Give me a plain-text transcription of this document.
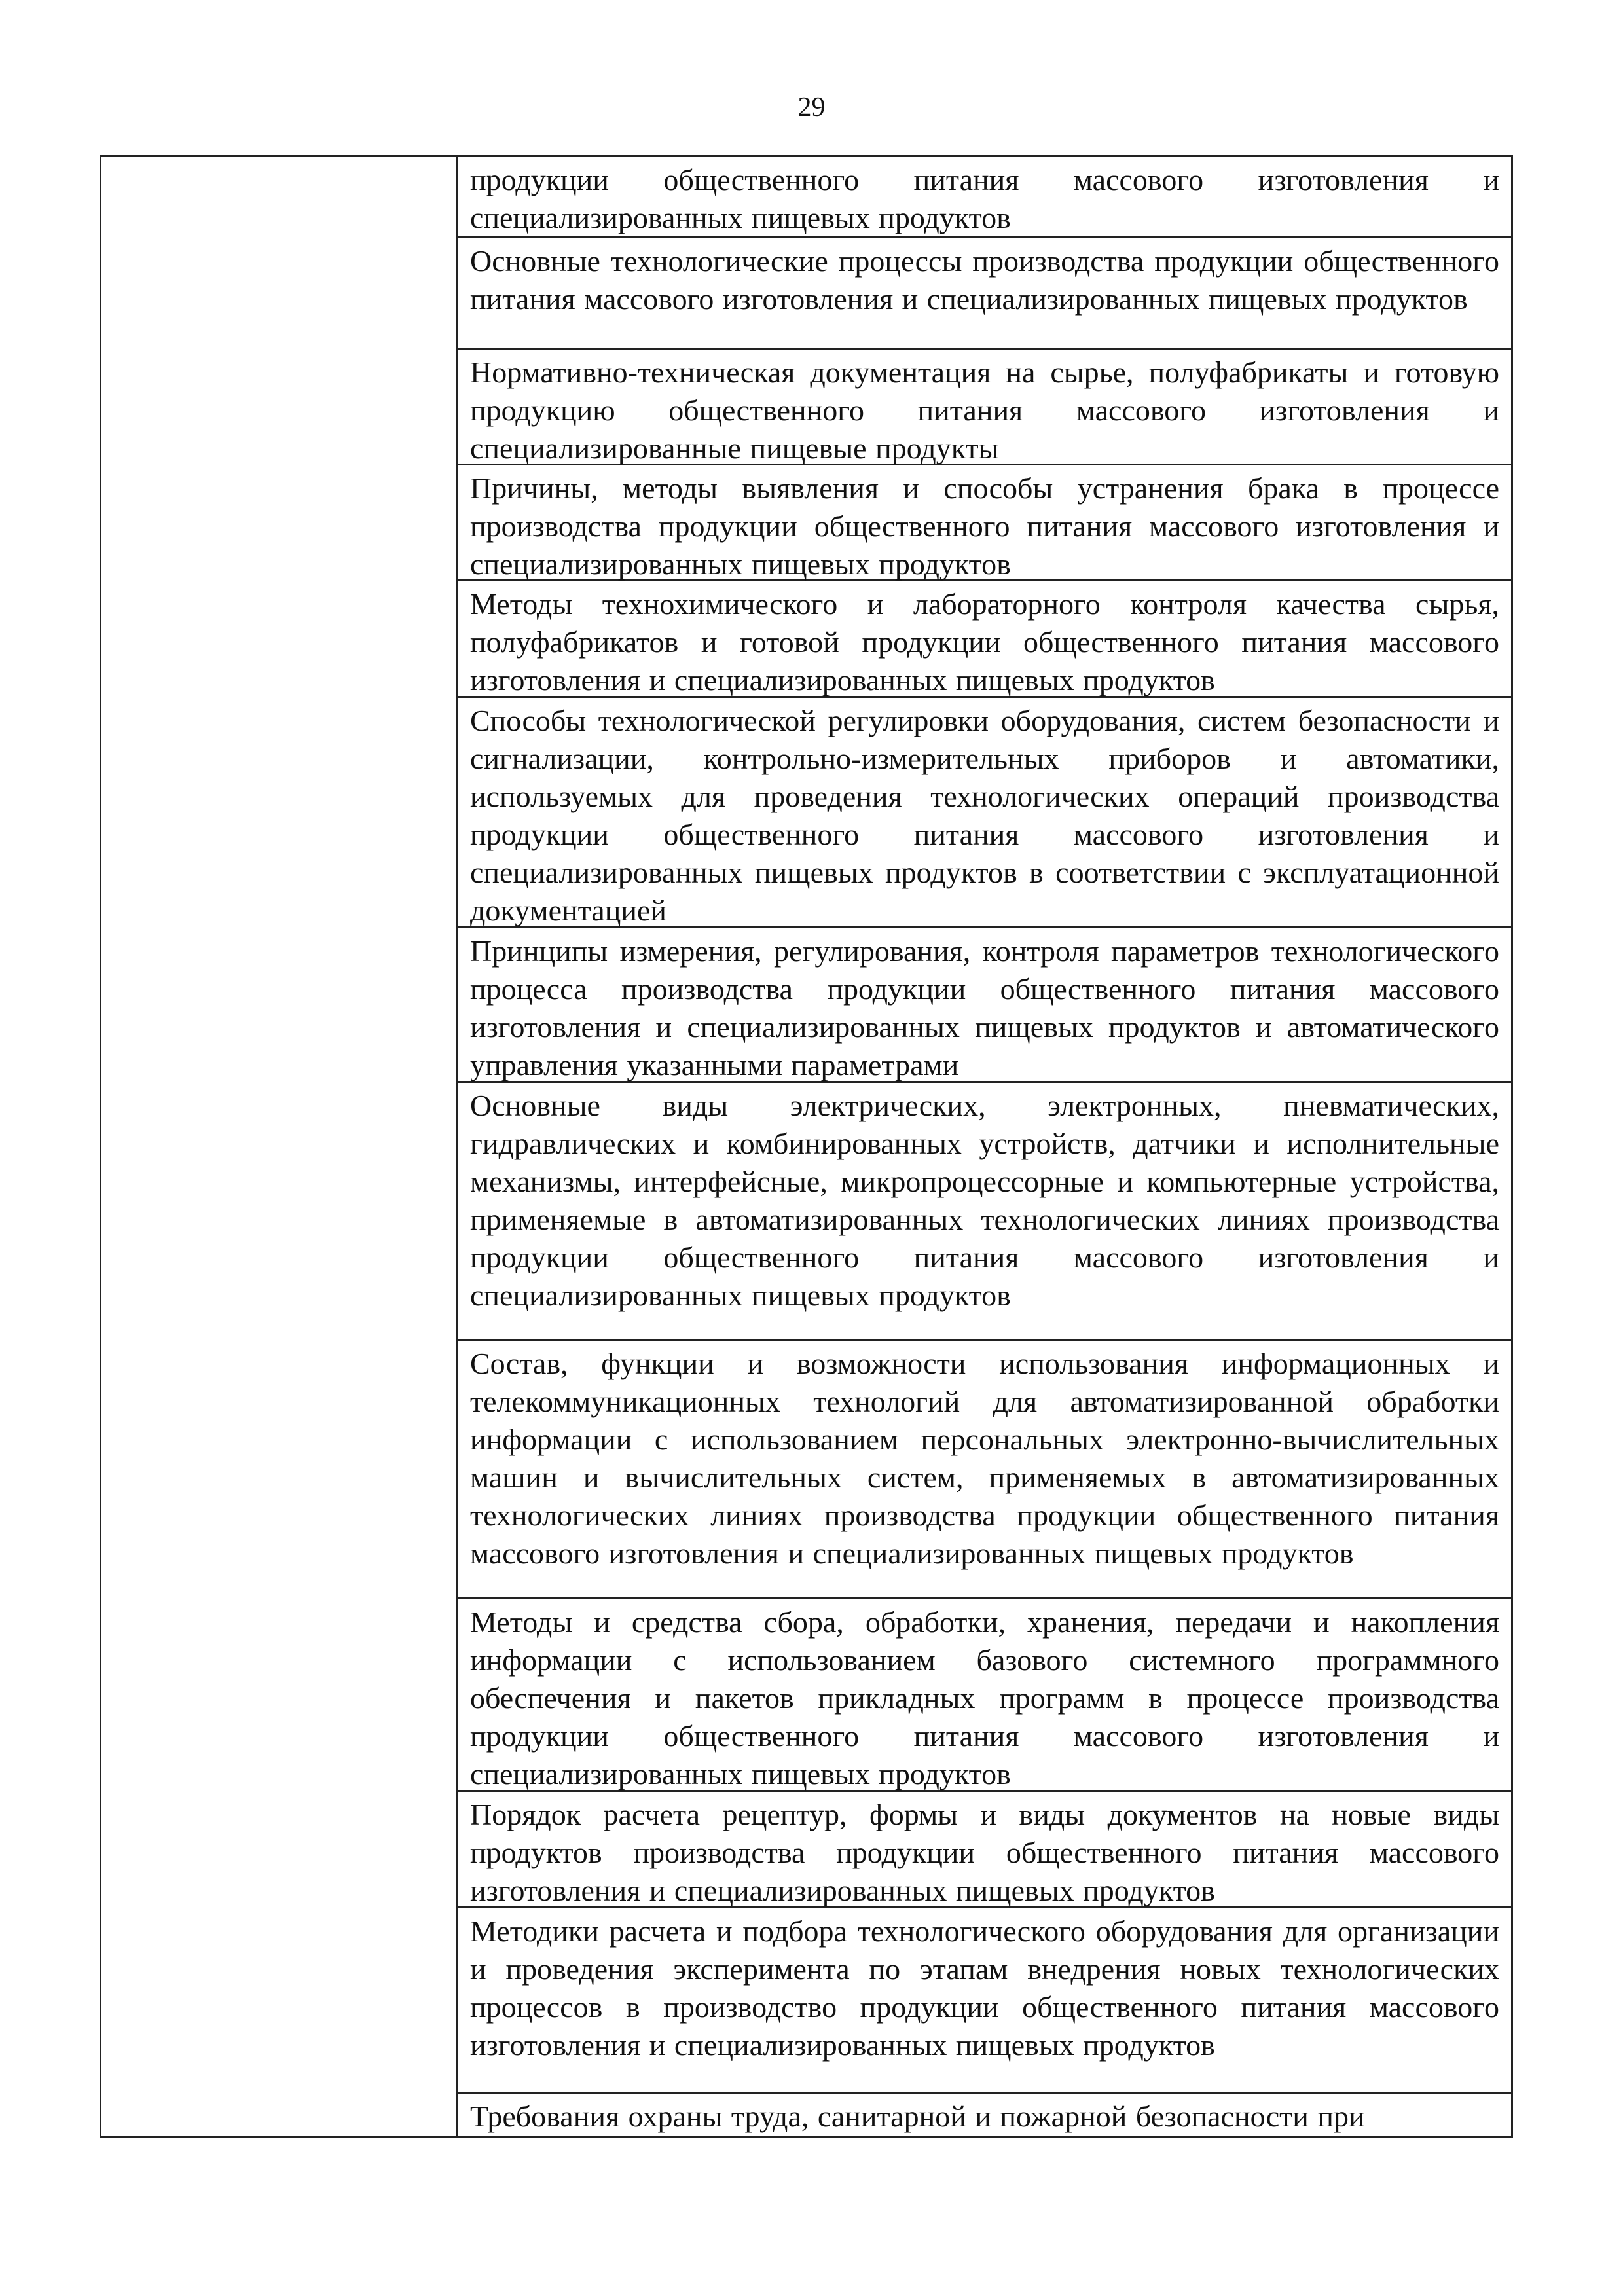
29
продукции общественного питания массового изготовления и специализированных пищевых продуктов
Основные технологические процессы производства продукции общественного питания массового изготовления и специализированных пищевых продуктов
Нормативно-техническая документация на сырье, полуфабрикаты и готовую продукцию общественного питания массового изготовления и специализированные пищевые продукты
Причины, методы выявления и способы устранения брака в процессе производства продукции общественного питания массового изготовления и специализированных пищевых продуктов
Методы технохимического и лабораторного контроля качества сырья, полуфабрикатов и готовой продукции общественного питания массового изготовления и специализированных пищевых продуктов
Способы технологической регулировки оборудования, систем безопасности и сигнализации, контрольно-измерительных приборов и автоматики, используемых для проведения технологических операций производства продукции общественного питания массового изготовления и специализированных пищевых продуктов в соответствии с эксплуатационной документацией
Принципы измерения, регулирования, контроля параметров технологического процесса производства продукции общественного питания массового изготовления и специализированных пищевых продуктов и автоматического управления указанными параметрами
Основные виды электрических, электронных, пневматических, гидравлических и комбинированных устройств, датчики и исполнительные механизмы, интерфейсные, микропроцессорные и компьютерные устройства, применяемые в автоматизированных технологических линиях производства продукции общественного питания массового изготовления и специализированных пищевых продуктов
Состав, функции и возможности использования информационных и телекоммуникационных технологий для автоматизированной обработки информации с использованием персональных электронно-вычислительных машин и вычислительных систем, применяемых в автоматизированных технологических линиях производства продукции общественного питания массового изготовления и специализированных пищевых продуктов
Методы и средства сбора, обработки, хранения, передачи и накопления информации с использованием базового системного программного обеспечения и пакетов прикладных программ в процессе производства продукции общественного питания массового изготовления и специализированных пищевых продуктов
Порядок расчета рецептур, формы и виды документов на новые виды продуктов производства продукции общественного питания массового изготовления и специализированных пищевых продуктов
Методики расчета и подбора технологического оборудования для организации и проведения эксперимента по этапам внедрения новых технологических процессов в производство продукции общественного питания массового изготовления и специализированных пищевых продуктов
Требования охраны труда, санитарной и пожарной безопасности при
